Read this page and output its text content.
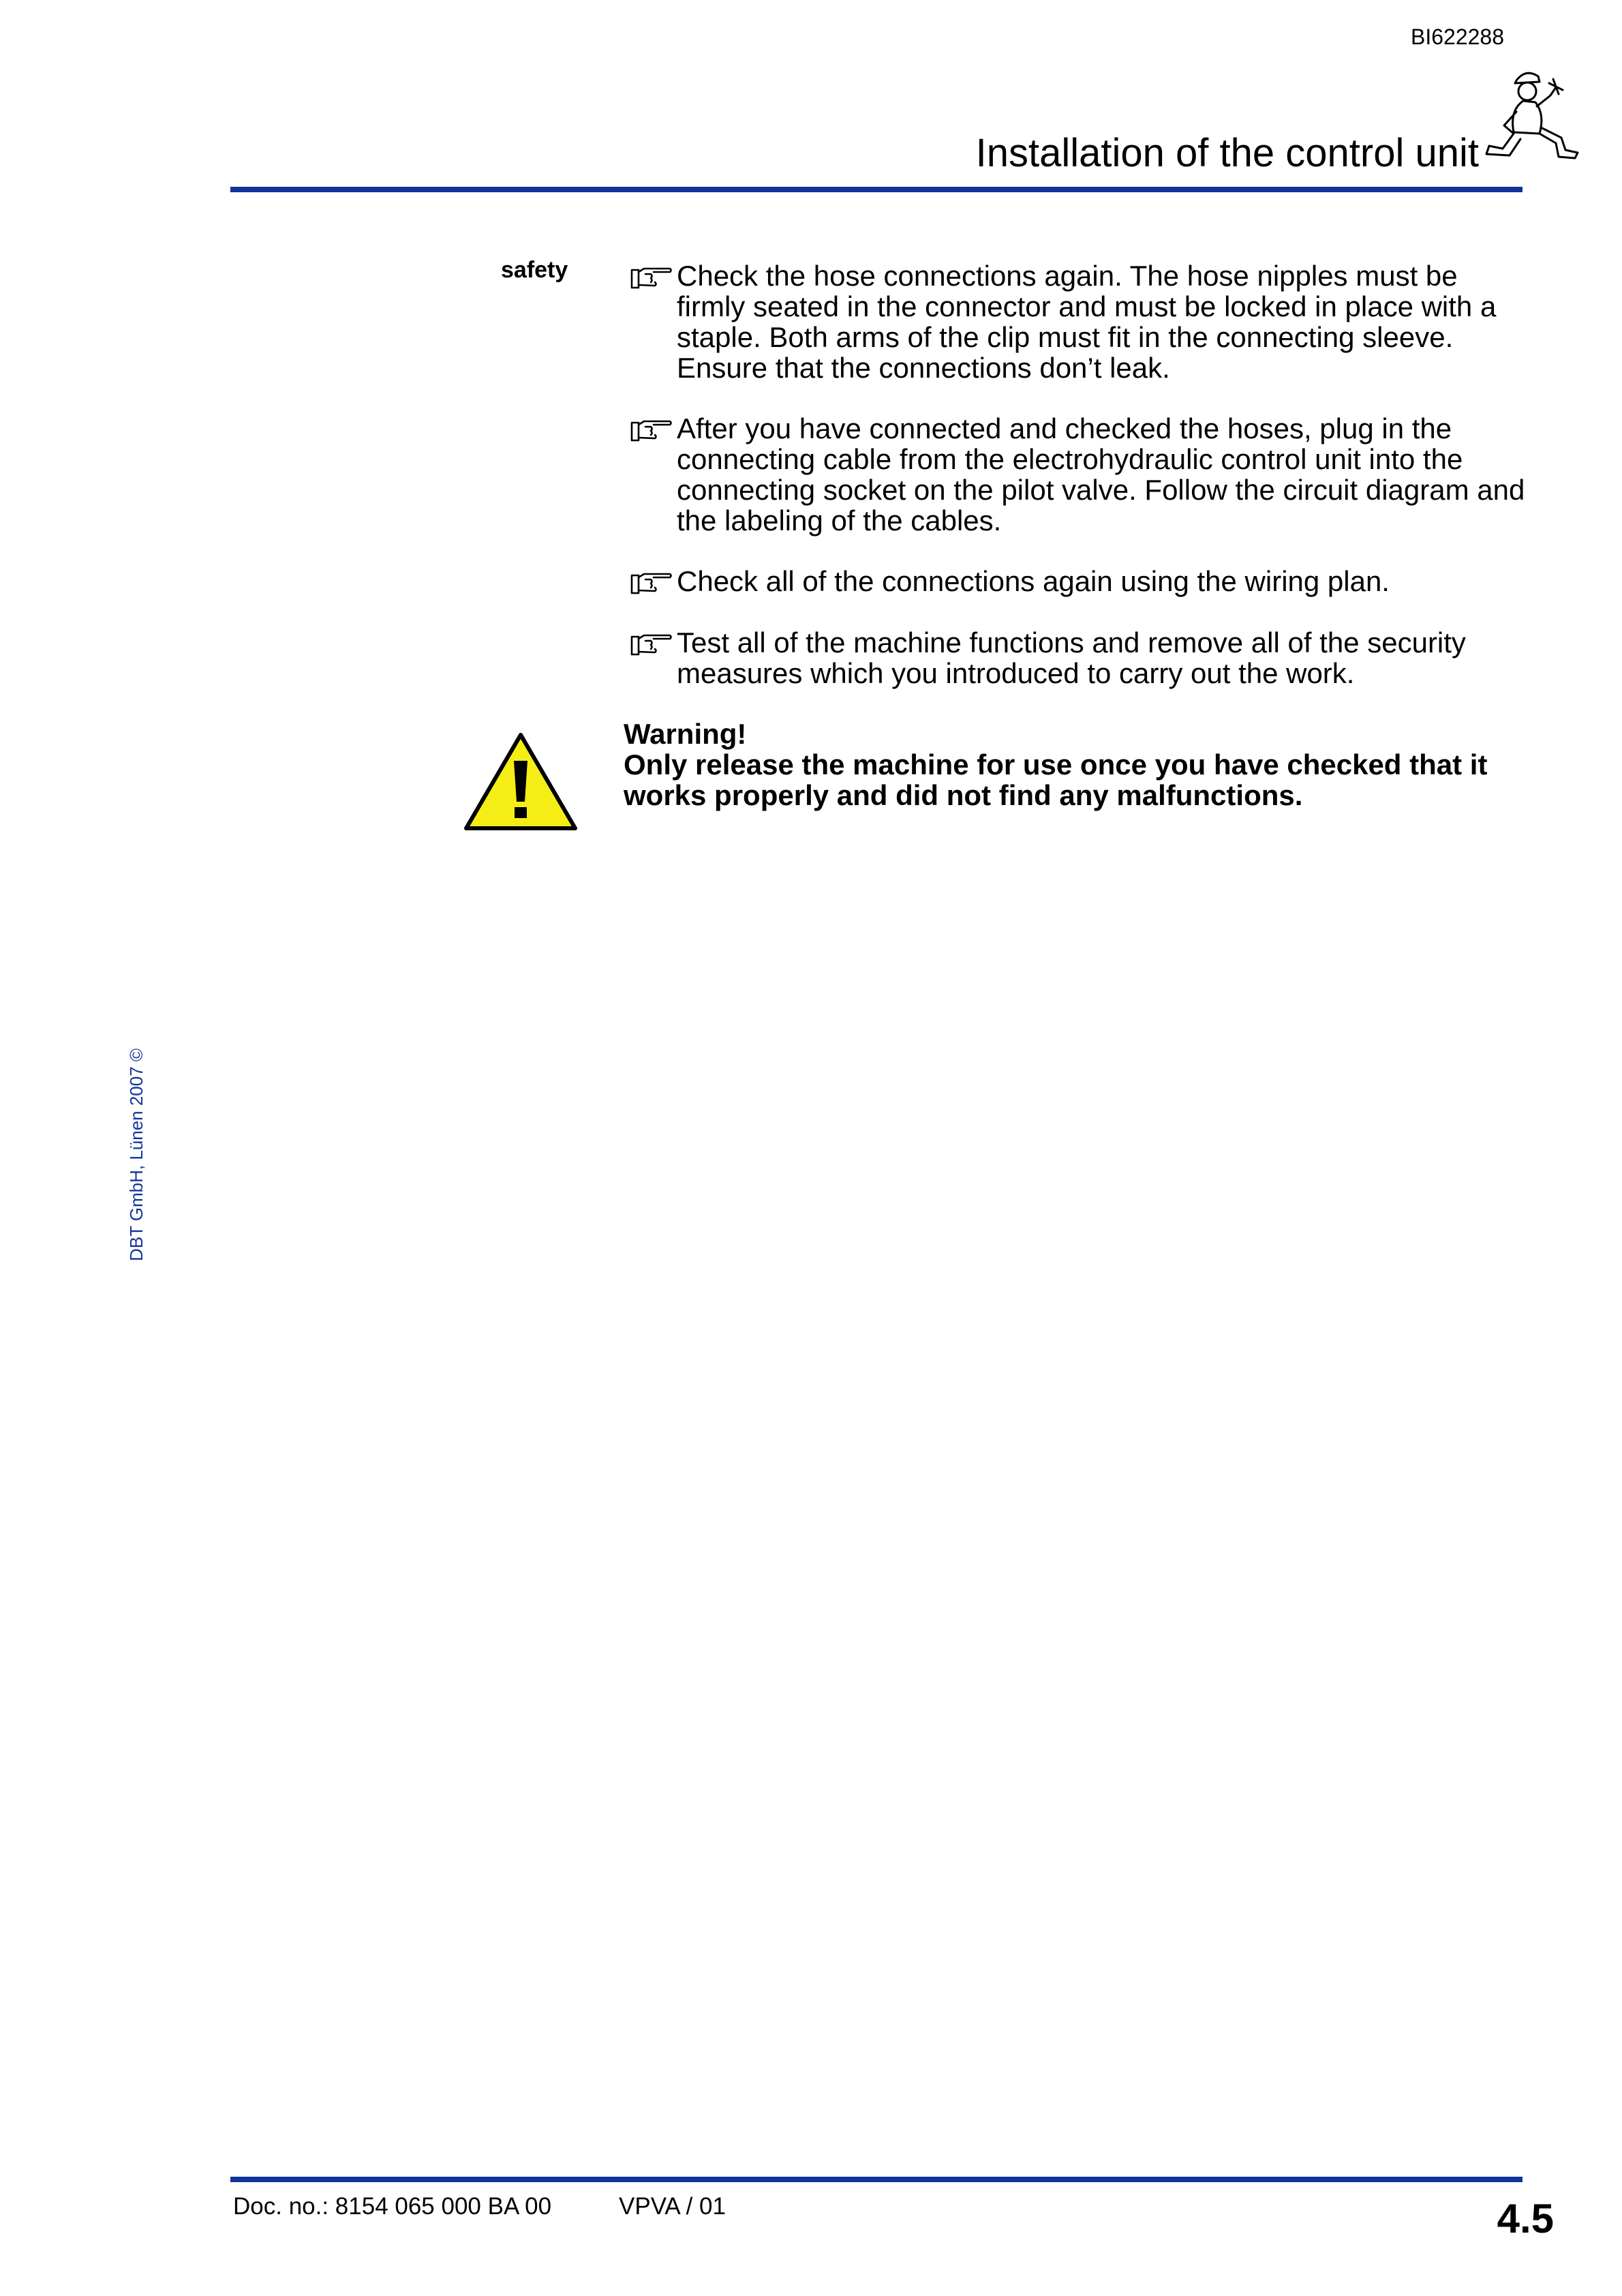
BI622288
Installation of the control unit
safety	Check the hose connections again. The hose nipples must be firmly seated in the connector and must be locked in place with a staple. Both arms of the clip must fit in the connecting sleeve. Ensure that the connections don’t leak.

After you have connected and checked the hoses, plug in the connecting cable from the electrohydraulic control unit into the connecting socket on the pilot valve. Follow the circuit diagram and the labeling of the cables.

Check all of the connections again using the wiring plan.

Test all of the machine functions and remove all of the security measures which you introduced to carry out the work.

Warning!
Only release the machine for use once you have checked that it works properly and did not find any malfunctions.
DBT GmbH, Lünen 2007 ©
Doc. no.: 8154 065 000 BA 00	VPVA / 01	4.5
